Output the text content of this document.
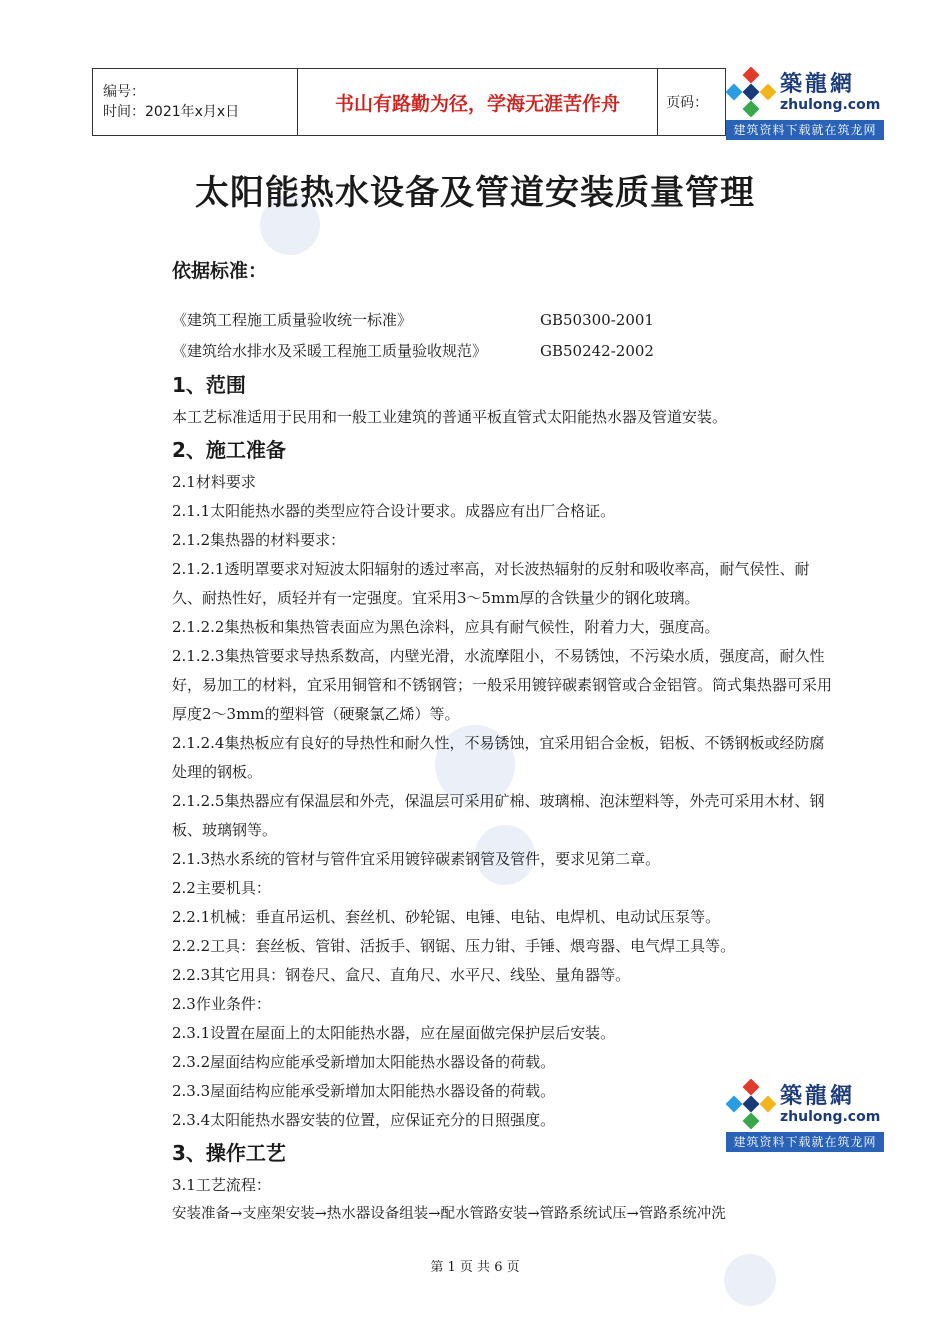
编号：
时间：2021年x月x日	书山有路勤为径，学海无涯苦作舟	页码：
築龍網
zhulong.com
建筑资料下载就在筑龙网
太阳能热水设备及管道安装质量管理

依据标准：

《建筑工程施工质量验收统一标准》	GB50300-2001
《建筑给水排水及采暖工程施工质量验收规范》	GB50242-2002

1、范围

本工艺标准适用于民用和一般工业建筑的普通平板直管式太阳能热水器及管道安装。

2、施工准备

2.1材料要求

2.1.1太阳能热水器的类型应符合设计要求。成器应有出厂合格证。

2.1.2集热器的材料要求：

2.1.2.1透明罩要求对短波太阳辐射的透过率高，对长波热辐射的反射和吸收率高，耐气侯性、耐久、耐热性好，质轻并有一定强度。宜采用3～5mm厚的含铁量少的钢化玻璃。

2.1.2.2集热板和集热管表面应为黑色涂料，应具有耐气候性，附着力大，强度高。

2.1.2.3集热管要求导热系数高，内壁光滑，水流摩阻小，不易锈蚀，不污染水质，强度高，耐久性好，易加工的材料，宜采用铜管和不锈钢管；一般采用镀锌碳素钢管或合金铝管。筒式集热器可采用厚度2～3mm的塑料管（硬聚氯乙烯）等。

2.1.2.4集热板应有良好的导热性和耐久性，不易锈蚀，宜采用铝合金板，铝板、不锈钢板或经防腐处理的钢板。

2.1.2.5集热器应有保温层和外壳，保温层可采用矿棉、玻璃棉、泡沫塑料等，外壳可采用木材、钢板、玻璃钢等。

2.1.3热水系统的管材与管件宜采用镀锌碳素钢管及管件，要求见第二章。

2.2主要机具：

2.2.1机械：垂直吊运机、套丝机、砂轮锯、电锤、电钻、电焊机、电动试压泵等。

2.2.2工具：套丝板、管钳、活扳手、钢锯、压力钳、手锤、煨弯器、电气焊工具等。

2.2.3其它用具：钢卷尺、盒尺、直角尺、水平尺、线坠、量角器等。

2.3作业条件：

2.3.1设置在屋面上的太阳能热水器，应在屋面做完保护层后安装。

2.3.2屋面结构应能承受新增加太阳能热水器设备的荷载。

2.3.3屋面结构应能承受新增加太阳能热水器设备的荷载。

2.3.4太阳能热水器安装的位置，应保证充分的日照强度。

3、操作工艺

3.1工艺流程：

安装准备→支座架安装→热水器设备组装→配水管路安装→管路系统试压→管路系统冲洗

築龍網
zhulong.com
建筑资料下载就在筑龙网
第 1 页 共 6 页
